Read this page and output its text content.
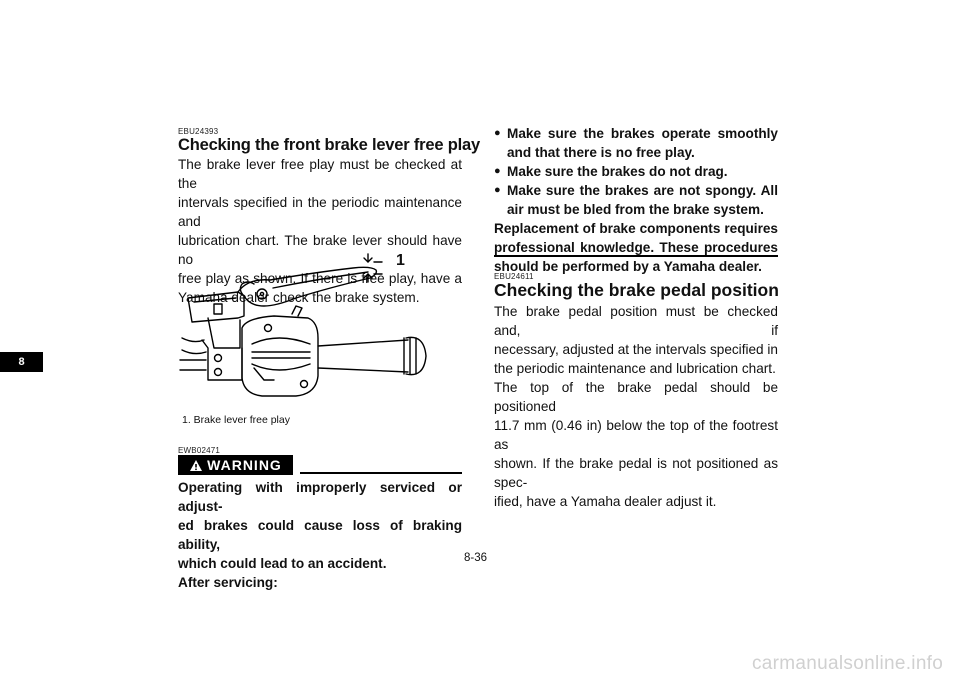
8
EBU24393
Checking the front brake lever free play
The brake lever free play must be checked at the
intervals specified in the periodic maintenance and
lubrication chart. The brake lever should have no
free play as shown. If there is free play, have a
Yamaha dealer check the brake system.
1
1. Brake lever free play
EWB02471
WARNING
Operating with improperly serviced or adjust-
ed brakes could cause loss of braking ability,
which could lead to an accident.
After servicing:
● Make sure the brakes operate smoothly and that there is no free play.
● Make sure the brakes do not drag.
● Make sure the brakes are not spongy. All air must be bled from the brake system.
Replacement of brake components requires
professional knowledge. These procedures
should be performed by a Yamaha dealer.
EBU24611
Checking the brake pedal position
The brake pedal position must be checked and, if
necessary, adjusted at the intervals specified in
the periodic maintenance and lubrication chart.
The top of the brake pedal should be positioned
11.7 mm (0.46 in) below the top of the footrest as
shown. If the brake pedal is not positioned as spec-
ified, have a Yamaha dealer adjust it.
8-36
carmanualsonline.info
